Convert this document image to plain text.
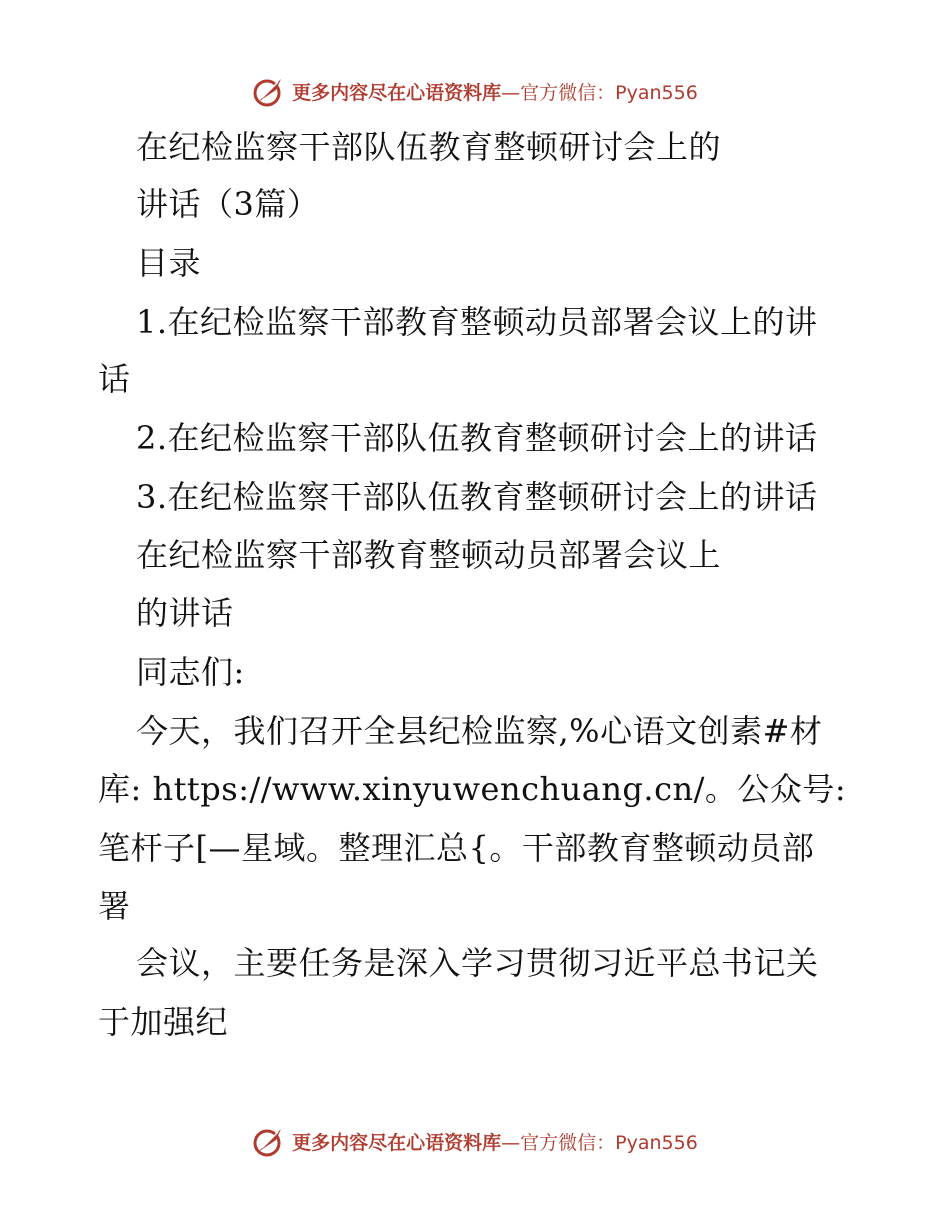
更多内容尽在心语资料库—官方微信：Pyan556
在纪检监察干部队伍教育整顿研讨会上的
讲话（3篇）
目录
1.在纪检监察干部教育整顿动员部署会议上的讲
话
2.在纪检监察干部队伍教育整顿研讨会上的讲话
3.在纪检监察干部队伍教育整顿研讨会上的讲话
在纪检监察干部教育整顿动员部署会议上
的讲话
同志们:
今天，我们召开全县纪检监察,%心语文创素#材
库: https://www.xinyuwenchuang.cn/。公众号:
笔杆子[—星域。整理汇总{。干部教育整顿动员部
署
会议，主要任务是深入学习贯彻习近平总书记关
于加强纪
更多内容尽在心语资料库—官方微信：Pyan556
